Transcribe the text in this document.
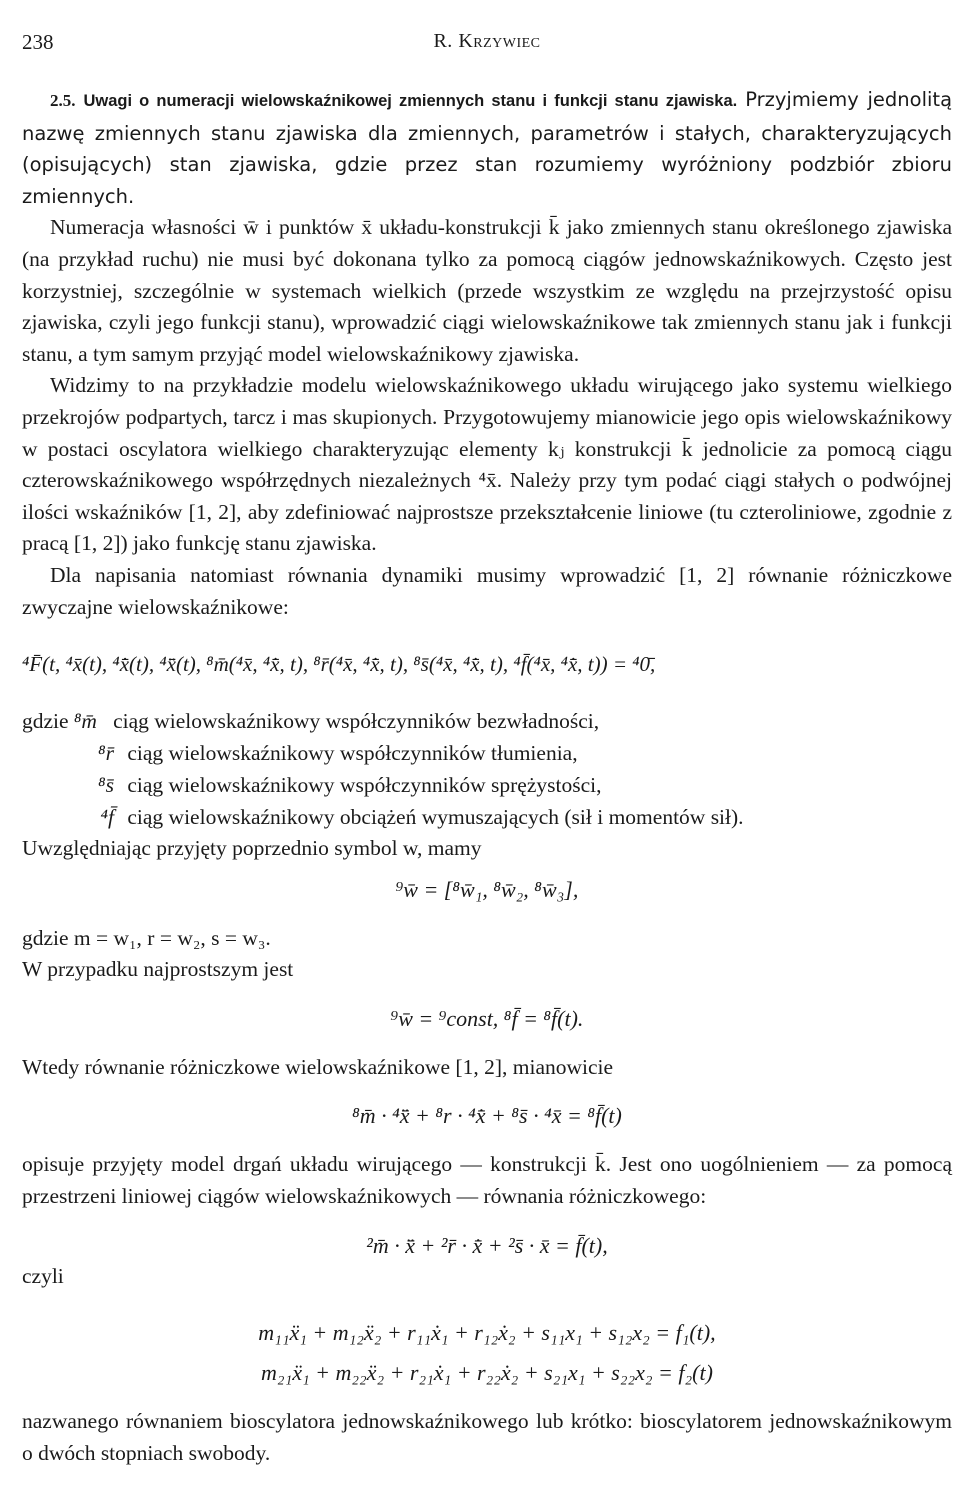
238	R. Krzywiec

2.5. Uwagi o numeracji wielowskaźnikowej zmiennych stanu i funkcji stanu zjawiska. Przyjmiemy jednolitą nazwę zmiennych stanu zjawiska dla zmiennych, parametrów i stałych, charakteryzujących (opisujących) stan zjawiska, gdzie przez stan rozumiemy wyróżniony podzbiór zbioru zmiennych.

Numeracja własności w̄ i punktów x̄ układu-konstrukcji k̄ jako zmiennych stanu określonego zjawiska (na przykład ruchu) nie musi być dokonana tylko za pomocą ciągów jednowskaźnikowych. Często jest korzystniej, szczególnie w systemach wielkich (przede wszystkim ze względu na przejrzystość opisu zjawiska, czyli jego funkcji stanu), wprowadzić ciągi wielowskaźnikowe tak zmiennych stanu jak i funkcji stanu, a tym samym przyjąć model wielowskaźnikowy zjawiska.

Widzimy to na przykładzie modelu wielowskaźnikowego układu wirującego jako systemu wielkiego przekrojów podpartych, tarcz i mas skupionych. Przygotowujemy mianowicie jego opis wielowskaźnikowy w postaci oscylatora wielkiego charakteryzując elementy kⱼ konstrukcji k̄ jednolicie za pomocą ciągu czterowskaźnikowego współrzędnych niezależnych ⁴x̄. Należy przy tym podać ciągi stałych o podwójnej ilości wskaźników [1, 2], aby zdefiniować najprostsze przekształcenie liniowe (tu czteroliniowe, zgodnie z pracą [1, 2]) jako funkcję stanu zjawiska.

Dla napisania natomiast równania dynamiki musimy wprowadzić [1, 2] równanie różniczkowe zwyczajne wielowskaźnikowe:

⁴F̄(t, ⁴x̄(t), ⁴x̄̇(t), ⁴x̄̈(t), ⁸m̄(⁴x̄, ⁴x̄̇, t), ⁸r̄(⁴x̄, ⁴x̄̇, t), ⁸s̄(⁴x̄, ⁴x̄̇, t), ⁴f̄(⁴x̄, ⁴x̄̇, t)) = ⁴0̄,

gdzie ⁸m̄ ciąg wielowskaźnikowy współczynników bezwładności,
⁸r̄ ciąg wielowskaźnikowy współczynników tłumienia,
⁸s̄ ciąg wielowskaźnikowy współczynników sprężystości,
⁴f̄ ciąg wielowskaźnikowy obciążeń wymuszających (sił i momentów sił).

Uwzględniając przyjęty poprzednio symbol w, mamy

⁹w̄ = [⁸w̄₁, ⁸w̄₂, ⁸w̄₃],

gdzie m = w₁, r = w₂, s = w₃.

W przypadku najprostszym jest

⁹w̄ = ⁹const, ⁸f̄ = ⁸f̄(t).

Wtedy równanie różniczkowe wielowskaźnikowe [1, 2], mianowicie

⁸m̄ · ⁴x̄̈ + ⁸r · ⁴x̄̇ + ⁸s̄ · ⁴x̄ = ⁸f̄(t)

opisuje przyjęty model drgań układu wirującego — konstrukcji k̄. Jest ono uogólnieniem — za pomocą przestrzeni liniowej ciągów wielowskaźnikowych — równania różniczkowego:

²m̄ · x̄̈ + ²r̄ · x̄̇ + ²s̄ · x̄ = f̄(t),

czyli

m₁₁ẍ₁ + m₁₂ẍ₂ + r₁₁ẋ₁ + r₁₂ẋ₂ + s₁₁x₁ + s₁₂x₂ = f₁(t),

m₂₁ẍ₁ + m₂₂ẍ₂ + r₂₁ẋ₁ + r₂₂ẋ₂ + s₂₁x₁ + s₂₂x₂ = f₂(t)

nazwanego równaniem bioscylatora jednowskaźnikowego lub krótko: bioscylatorem jednowskaźnikowym o dwóch stopniach swobody.
